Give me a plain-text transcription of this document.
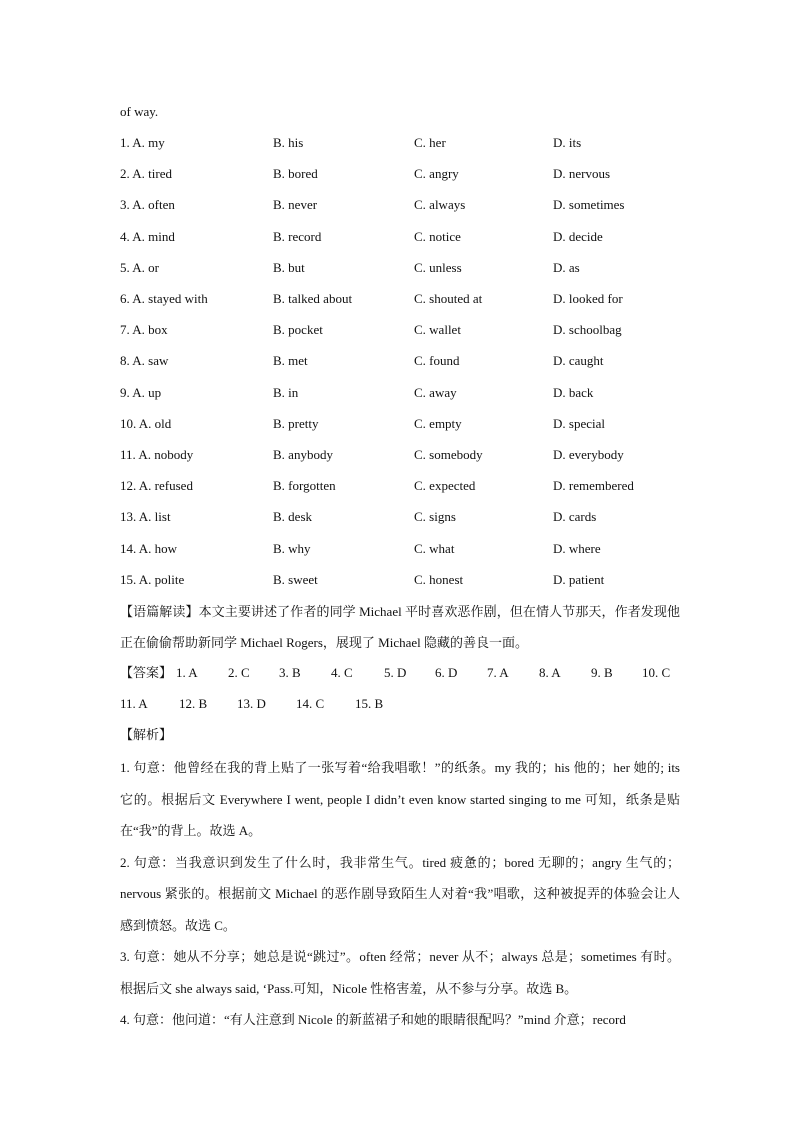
of way.
1. A. my	B. his	C. her	D. its
2. A. tired	B. bored	C. angry	D. nervous
3. A. often	B. never	C. always	D. sometimes
4. A. mind	B. record	C. notice	D. decide
5. A. or	B. but	C. unless	D. as
6. A. stayed with	B. talked about	C. shouted at	D. looked for
7. A. box	B. pocket	C. wallet	D. schoolbag
8. A. saw	B. met	C. found	D. caught
9. A. up	B. in	C. away	D. back
10. A. old	B. pretty	C. empty	D. special
11. A. nobody	B. anybody	C. somebody	D. everybody
12. A. refused	B. forgotten	C. expected	D. remembered
13. A. list	B. desk	C. signs	D. cards
14. A. how	B. why	C. what	D. where
15. A. polite	B. sweet	C. honest	D. patient

【语篇解读】本文主要讲述了作者的同学 Michael 平时喜欢恶作剧，但在情人节那天，作者发现他正在偷偷帮助新同学 Michael Rogers，展现了 Michael 隐藏的善良一面。

【答案】 1. A 2. C 3. B 4. C 5. D 6. D 7. A 8. A 9. B 10. C
11. A 12. B 13. D 14. C 15. B
【解析】

1. 句意：他曾经在我的背上贴了一张写着“给我唱歌！”的纸条。my 我的；his 他的；her 她的; its 它的。根据后文 Everywhere I went, people I didn’t even know started singing to me 可知，纸条是贴在“我”的背上。故选 A。

2. 句意：当我意识到发生了什么时，我非常生气。tired 疲惫的；bored 无聊的；angry 生气的；nervous 紧张的。根据前文 Michael 的恶作剧导致陌生人对着“我”唱歌，这种被捉弄的体验会让人感到愤怒。故选 C。

3. 句意：她从不分享；她总是说“跳过”。often 经常；never 从不；always 总是；sometimes 有时。根据后文 she always said, ‘Pass.可知，Nicole 性格害羞，从不参与分享。故选 B。

4. 句意：他问道：“有人注意到 Nicole 的新蓝裙子和她的眼睛很配吗？”mind 介意；record
